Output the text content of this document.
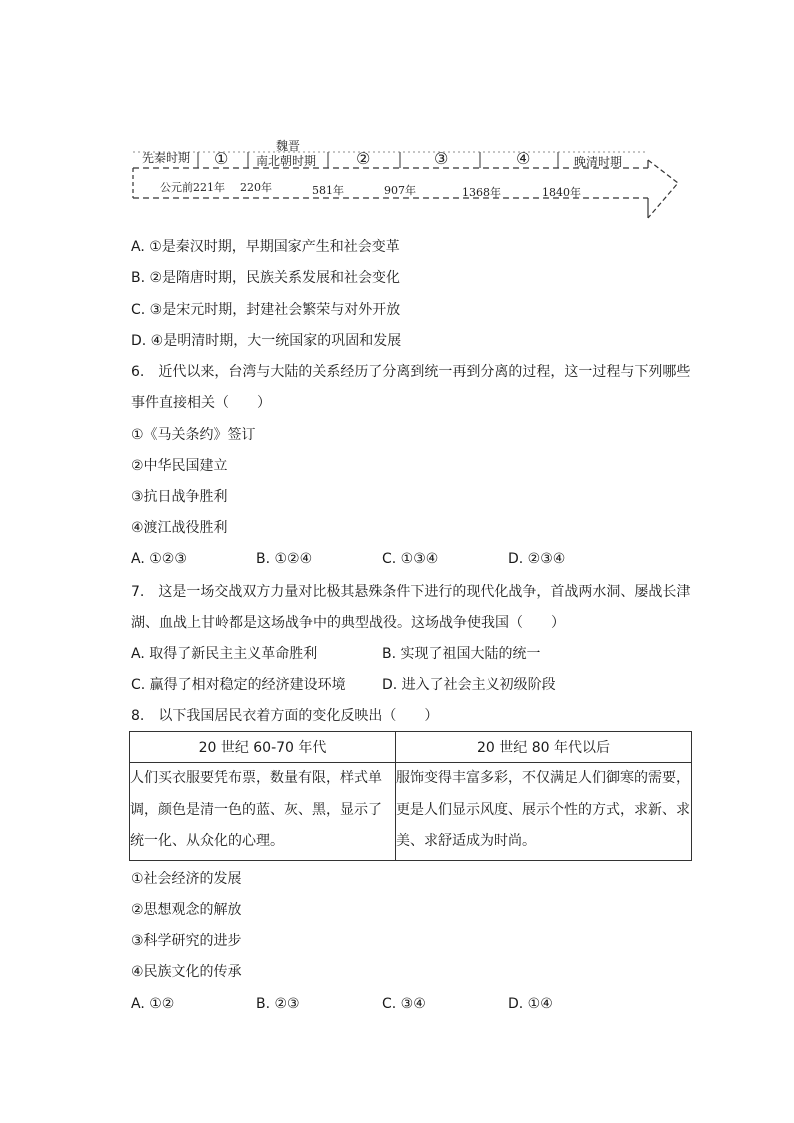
先秦时期 ①
魏晋
南北朝时期 ②	③	④	晚清时期
公元前221年 220年	581年	907年	1368年	1840年
A. ①是秦汉时期，早期国家产生和社会变革
B. ②是隋唐时期，民族关系发展和社会变化
C. ③是宋元时期，封建社会繁荣与对外开放
D. ④是明清时期，大一统国家的巩固和发展
6.　近代以来，台湾与大陆的关系经历了分离到统一再到分离的过程，这一过程与下列哪些事件直接相关（　　）
①《马关条约》签订
②中华民国建立
③抗日战争胜利
④渡江战役胜利
A. ①②③	B. ①②④	C. ①③④	D. ②③④
7.　这是一场交战双方力量对比极其悬殊条件下进行的现代化战争，首战两水洞、屡战长津湖、血战上甘岭都是这场战争中的典型战役。这场战争使我国（　　）
A. 取得了新民主主义革命胜利	B. 实现了祖国大陆的统一
C. 赢得了相对稳定的经济建设环境	D. 进入了社会主义初级阶段
8.　以下我国居民衣着方面的变化反映出（　　）
20 世纪 60-70 年代	20 世纪 80 年代以后
人们买衣服要凭布票，数量有限，样式单调，颜色是清一色的蓝、灰、黑，显示了统一化、从众化的心理。	服饰变得丰富多彩，不仅满足人们御寒的需要，更是人们显示风度、展示个性的方式，求新、求美、求舒适成为时尚。
①社会经济的发展
②思想观念的解放
③科学研究的进步
④民族文化的传承
A. ①②	B. ②③	C. ③④	D. ①④
